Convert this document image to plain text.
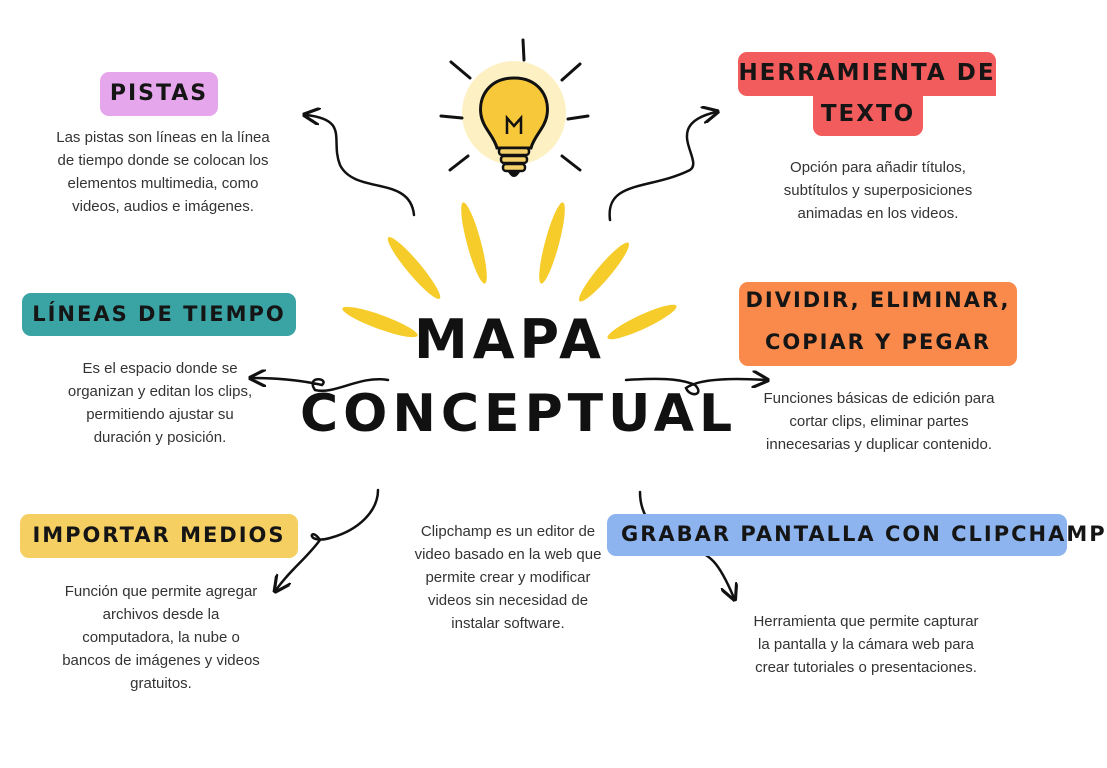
MAPA
CONCEPTUAL
PISTAS
Las pistas son líneas en la línea de tiempo donde se colocan los elementos multimedia, como videos, audios e imágenes.
HERRAMIENTA DE
TEXTO
Opción para añadir títulos, subtítulos y superposiciones animadas en los videos.
LÍNEAS DE TIEMPO
Es el espacio donde se organizan y editan los clips, permitiendo ajustar su duración y posición.
DIVIDIR, ELIMINAR,
COPIAR Y PEGAR
Funciones básicas de edición para cortar clips, eliminar partes innecesarias y duplicar contenido.
IMPORTAR MEDIOS
Función que permite agregar archivos desde la computadora, la nube o bancos de imágenes y videos gratuitos.
Clipchamp es un editor de video basado en la web que permite crear y modificar videos sin necesidad de instalar software.
GRABAR PANTALLA CON CLIPCHAMP
Herramienta que permite capturar la pantalla y la cámara web para crear tutoriales o presentaciones.
